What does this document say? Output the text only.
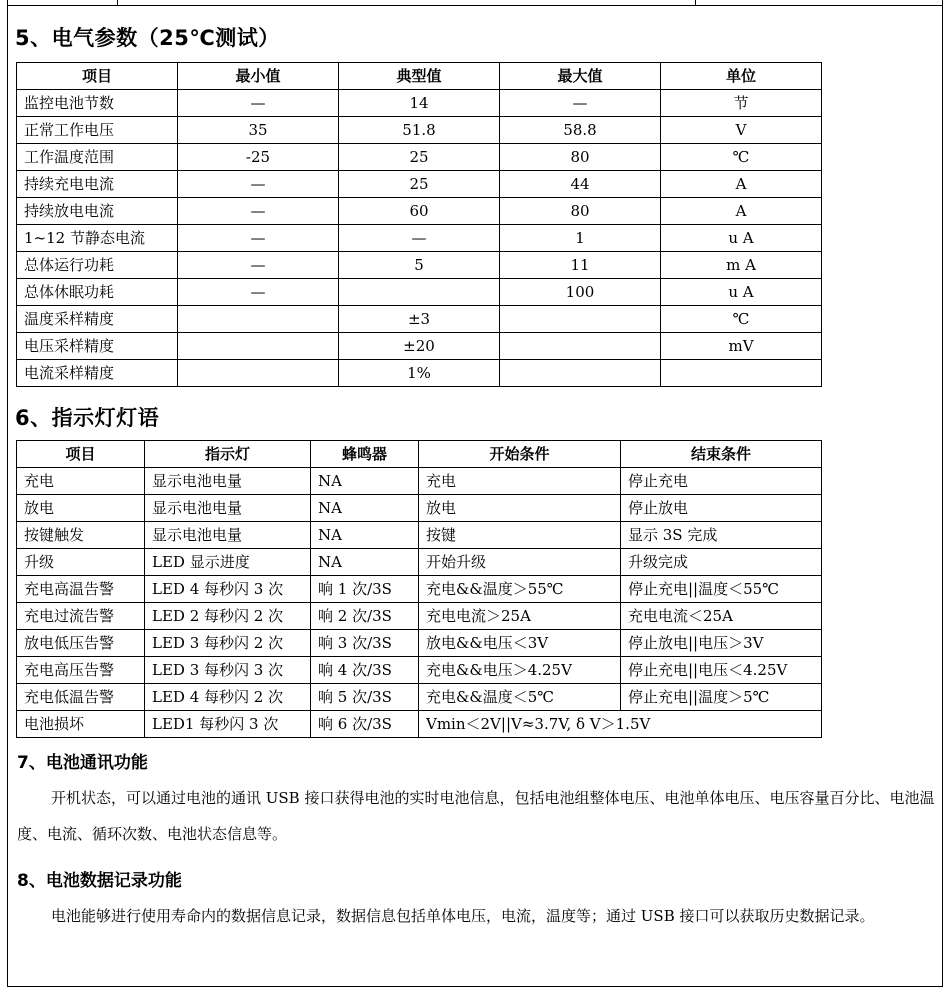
5、电气参数（25℃测试）
项目	最小值	典型值	最大值	单位
监控电池节数	—	14	—	节
正常工作电压	35	51.8	58.8	V
工作温度范围	-25	25	80	℃
持续充电电流	—	25	44	A
持续放电电流	—	60	80	A
1~12 节静态电流	—	—	1	u A
总体运行功耗	—	5	11	m A
总体休眠功耗	—		100	u A
温度采样精度		±3		℃
电压采样精度		±20		mV
电流采样精度		1%		
6、指示灯灯语
项目	指示灯	蜂鸣器	开始条件	结束条件
充电	显示电池电量	NA	充电	停止充电
放电	显示电池电量	NA	放电	停止放电
按键触发	显示电池电量	NA	按键	显示 3S 完成
升级	LED 显示进度	NA	开始升级	升级完成
充电高温告警	LED 4 每秒闪 3 次	响 1 次/3S	充电&&温度＞55℃	停止充电||温度＜55℃
充电过流告警	LED 2 每秒闪 2 次	响 2 次/3S	充电电流＞25A	充电电流＜25A
放电低压告警	LED 3 每秒闪 2 次	响 3 次/3S	放电&&电压＜3V	停止放电||电压＞3V
充电高压告警	LED 3 每秒闪 3 次	响 4 次/3S	充电&&电压＞4.25V	停止充电||电压＜4.25V
充电低温告警	LED 4 每秒闪 2 次	响 5 次/3S	充电&&温度＜5℃	停止充电||温度＞5℃
电池损坏	LED1 每秒闪 3 次	响 6 次/3S	Vmin＜2V||V≈3.7V, δ V＞1.5V	
7、电池通讯功能

开机状态，可以通过电池的通讯 USB 接口获得电池的实时电池信息，包括电池组整体电压、电池单体电压、电压容量百分比、电池温度、电流、循环次数、电池状态信息等。

8、电池数据记录功能

电池能够进行使用寿命内的数据信息记录，数据信息包括单体电压，电流，温度等；通过 USB 接口可以获取历史数据记录。
